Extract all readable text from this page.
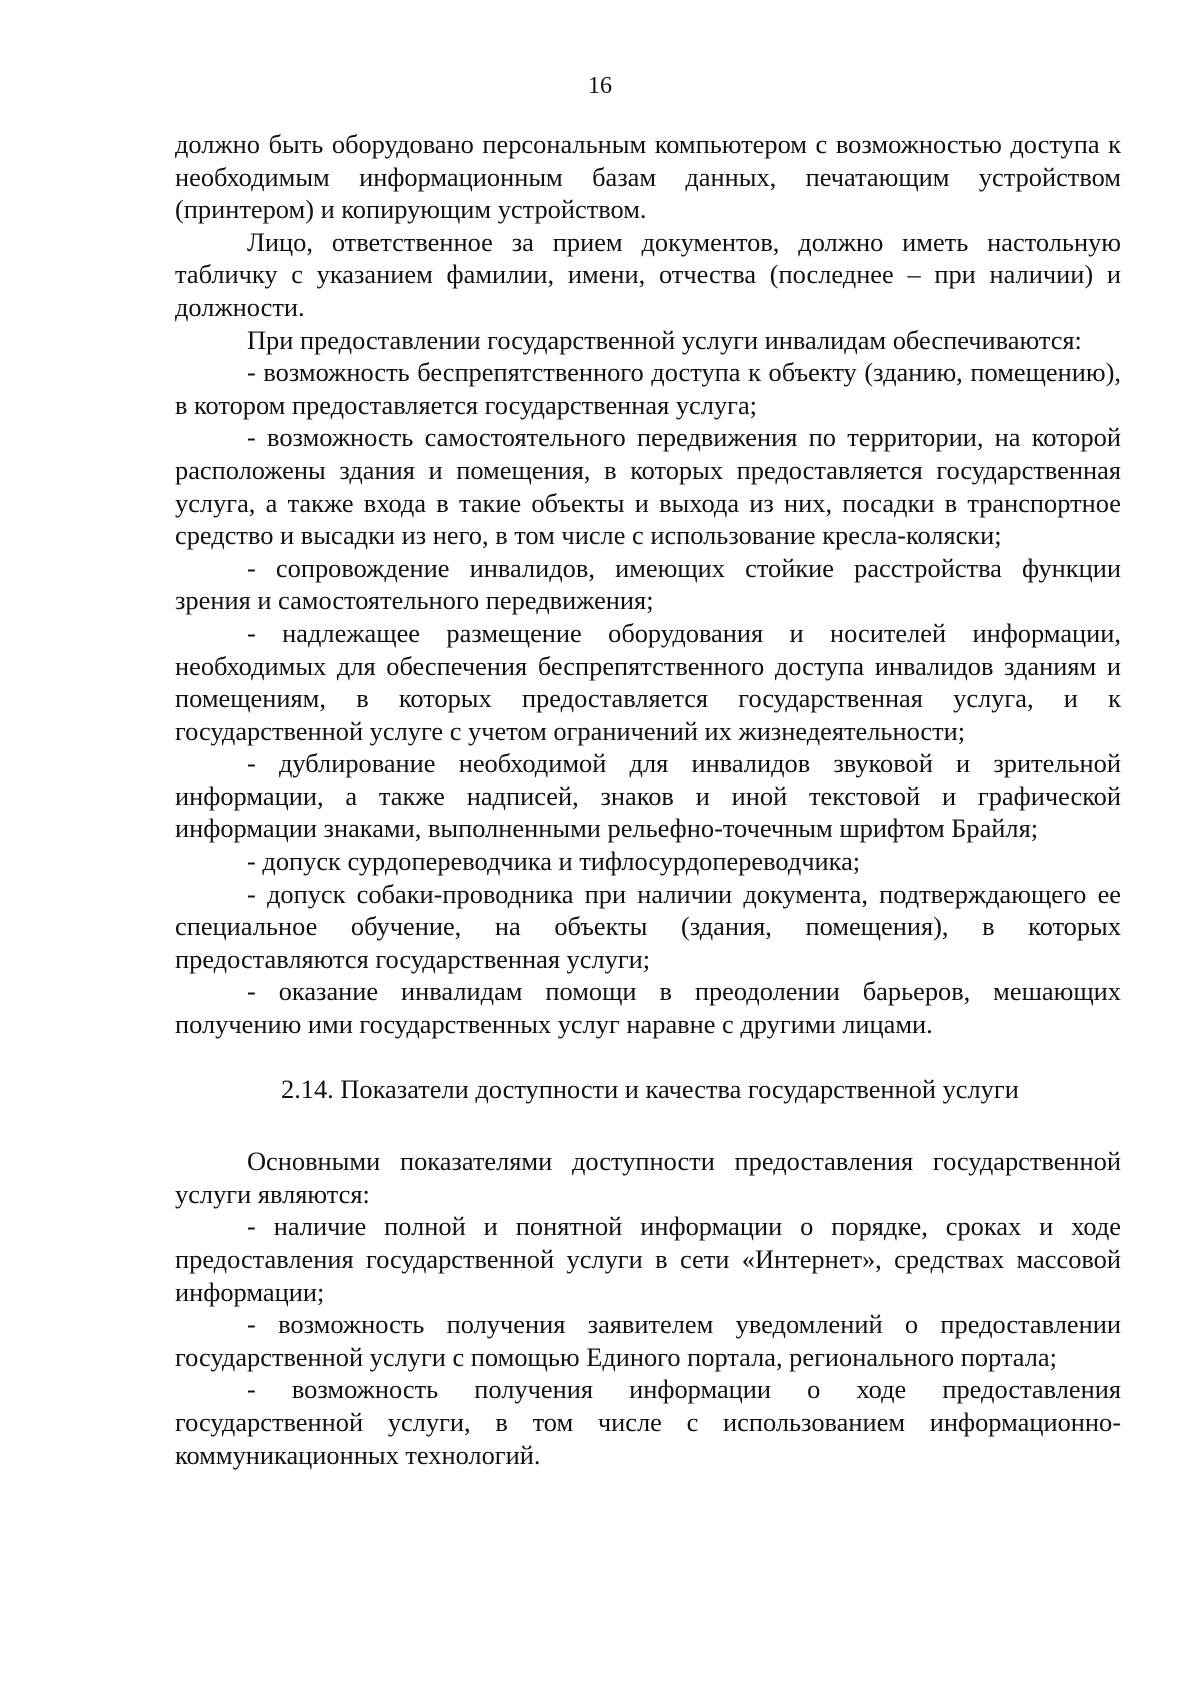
16

должно быть оборудовано персональным компьютером с возможностью доступа к необходимым информационным базам данных, печатающим устройством (принтером) и копирующим устройством.

Лицо, ответственное за прием документов, должно иметь настольную табличку с указанием фамилии, имени, отчества (последнее – при наличии) и должности.

При предоставлении государственной услуги инвалидам обеспечиваются:

- возможность беспрепятственного доступа к объекту (зданию, помещению), в котором предоставляется государственная услуга;

- возможность самостоятельного передвижения по территории, на которой расположены здания и помещения, в которых предоставляется государственная услуга, а также входа в такие объекты и выхода из них, посадки в транспортное средство и высадки из него, в том числе с использование кресла-коляски;

- сопровождение инвалидов, имеющих стойкие расстройства функции зрения и самостоятельного передвижения;

- надлежащее размещение оборудования и носителей информации, необходимых для обеспечения беспрепятственного доступа инвалидов зданиям и помещениям, в которых предоставляется государственная услуга, и к государственной услуге с учетом ограничений их жизнедеятельности;

- дублирование необходимой для инвалидов звуковой и зрительной информации, а также надписей, знаков и иной текстовой и графической информации знаками, выполненными рельефно-точечным шрифтом Брайля;

- допуск сурдопереводчика и тифлосурдопереводчика;

- допуск собаки-проводника при наличии документа, подтверждающего ее специальное обучение, на объекты (здания, помещения), в которых предоставляются государственная услуги;

- оказание инвалидам помощи в преодолении барьеров, мешающих получению ими государственных услуг наравне с другими лицами.

2.14. Показатели доступности и качества государственной услуги

Основными показателями доступности предоставления государственной услуги являются:

- наличие полной и понятной информации о порядке, сроках и ходе предоставления государственной услуги в сети «Интернет», средствах массовой информации;

- возможность получения заявителем уведомлений о предоставлении государственной услуги с помощью Единого портала, регионального портала;

- возможность получения информации о ходе предоставления государственной услуги, в том числе с использованием информационно-коммуникационных технологий.
